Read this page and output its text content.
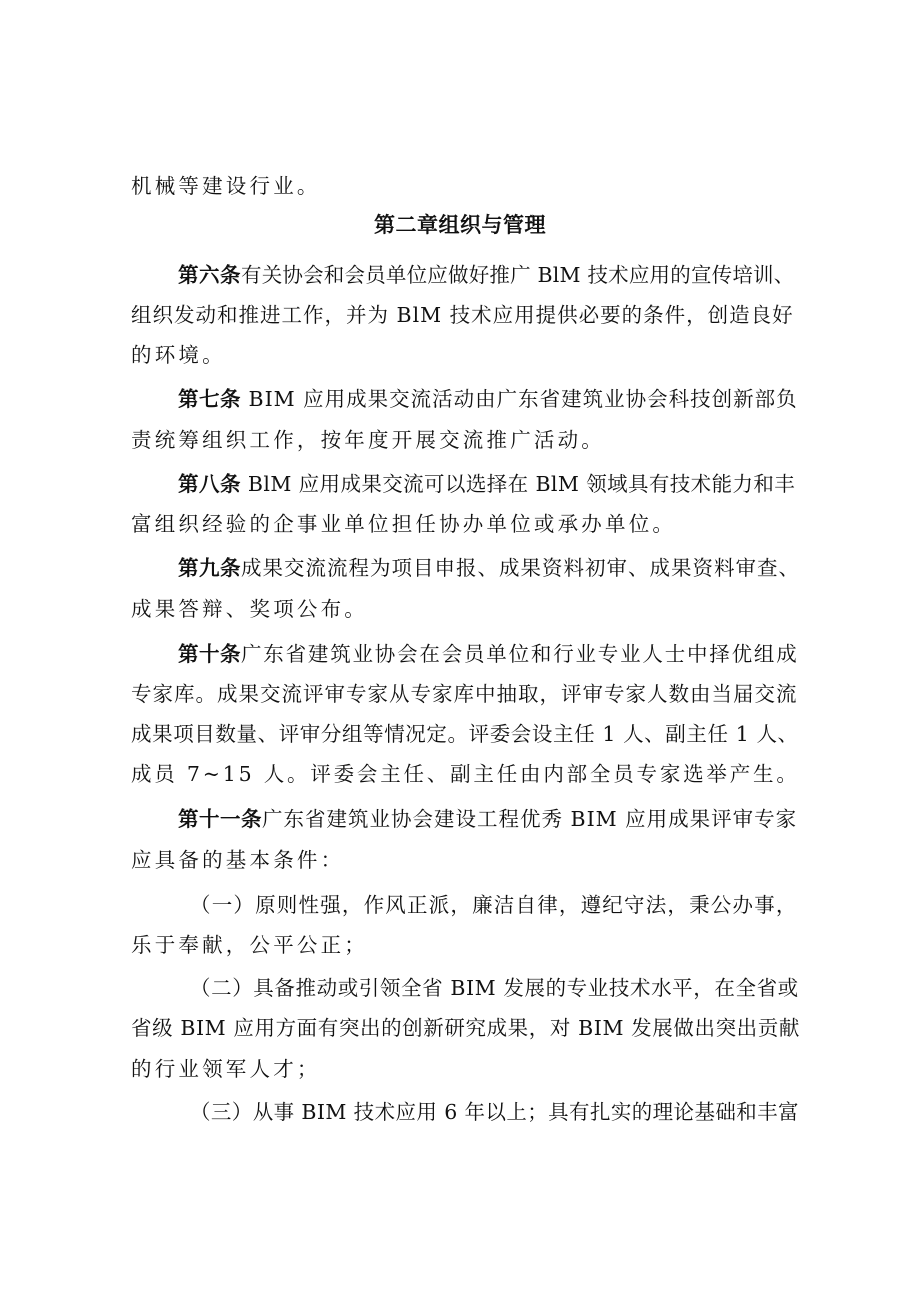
机械等建设行业。
第二章组织与管理
第六条有关协会和会员单位应做好推广 BlM 技术应用的宣传培训、
组织发动和推进工作，并为 BlM 技术应用提供必要的条件，创造良好
的环境。
第七条 BIM 应用成果交流活动由广东省建筑业协会科技创新部负
责统筹组织工作，按年度开展交流推广活动。
第八条 BlM 应用成果交流可以选择在 BlM 领域具有技术能力和丰
富组织经验的企事业单位担任协办单位或承办单位。
第九条成果交流流程为项目申报、成果资料初审、成果资料审查、
成果答辩、奖项公布。
第十条广东省建筑业协会在会员单位和行业专业人士中择优组成
专家库。成果交流评审专家从专家库中抽取，评审专家人数由当届交流
成果项目数量、评审分组等情况定。评委会设主任 1 人、副主任 1 人、
成员 7~15 人。评委会主任、副主任由内部全员专家选举产生。
第十一条广东省建筑业协会建设工程优秀 BIM 应用成果评审专家
应具备的基本条件：
（一）原则性强，作风正派，廉洁自律，遵纪守法，秉公办事，
乐于奉献，公平公正；
（二）具备推动或引领全省 BIM 发展的专业技术水平，在全省或
省级 BIM 应用方面有突出的创新研究成果，对 BIM 发展做出突出贡献
的行业领军人才；
（三）从事 BIM 技术应用 6 年以上；具有扎实的理论基础和丰富
